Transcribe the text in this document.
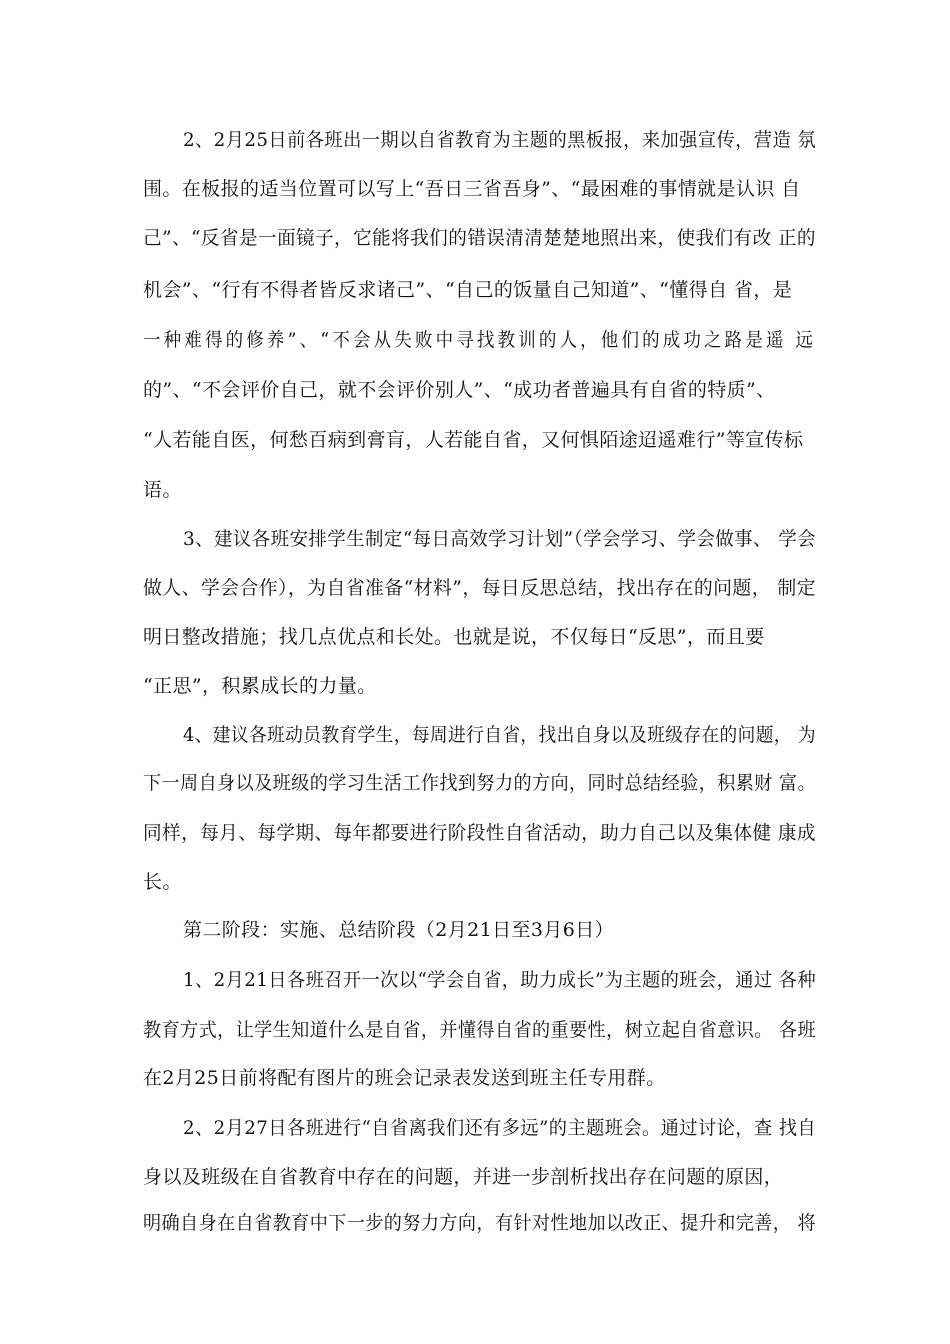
2、2月25日前各班出一期以自省教育为主题的黑板报，来加强宣传，营造 氛
围。在板报的适当位置可以写上“吾日三省吾身”、“最困难的事情就是认识 自
己”、“反省是一面镜子，它能将我们的错误清清楚楚地照出来，使我们有改 正的
机会”、“行有不得者皆反求诸己”、“自己的饭量自己知道”、“懂得自 省，是
一种难得的修养”、“不会从失败中寻找教训的人，他们的成功之路是遥 远
的”、“不会评价自己，就不会评价别人”、“成功者普遍具有自省的特质”、
“人若能自医，何愁百病到膏肓，人若能自省，又何惧陌途迢遥难行”等宣传标
语。
3、建议各班安排学生制定“每日高效学习计划”（学会学习、学会做事、 学会
做人、学会合作），为自省准备“材料”，每日反思总结，找出存在的问题， 制定
明日整改措施；找几点优点和长处。也就是说，不仅每日“反思”，而且要
“正思”，积累成长的力量。
4、建议各班动员教育学生，每周进行自省，找出自身以及班级存在的问题， 为
下一周自身以及班级的学习生活工作找到努力的方向，同时总结经验，积累财 富。
同样，每月、每学期、每年都要进行阶段性自省活动，助力自己以及集体健 康成
长。
第二阶段：实施、总结阶段（2月21日至3月6日）
1、2月21日各班召开一次以“学会自省，助力成长”为主题的班会，通过 各种
教育方式，让学生知道什么是自省，并懂得自省的重要性，树立起自省意识。 各班
在2月25日前将配有图片的班会记录表发送到班主任专用群。
2、2月27日各班进行“自省离我们还有多远”的主题班会。通过讨论，查 找自
身以及班级在自省教育中存在的问题，并进一步剖析找出存在问题的原因，
明确自身在自省教育中下一步的努力方向，有针对性地加以改正、提升和完善， 将
